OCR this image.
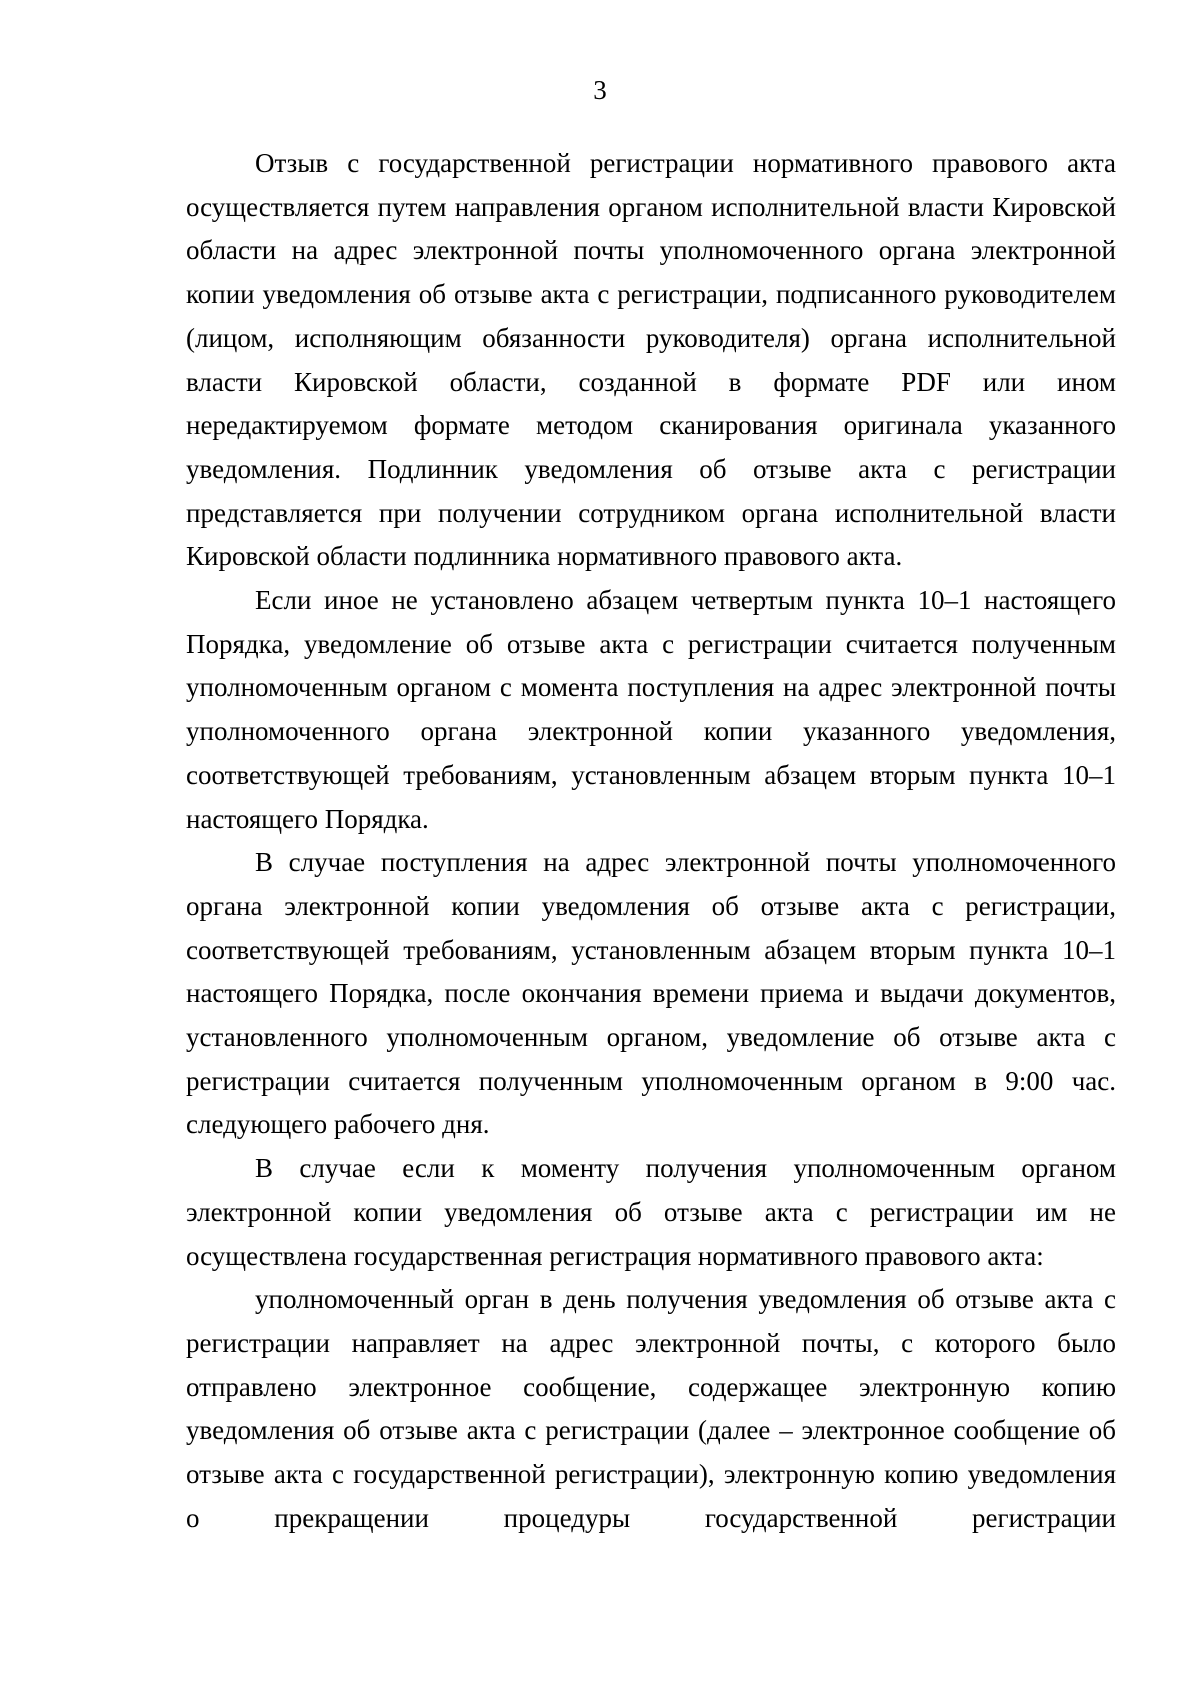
3

Отзыв с государственной регистрации нормативного правового акта осуществляется путем направления органом исполнительной власти Кировской области на адрес электронной почты уполномоченного органа электронной копии уведомления об отзыве акта с регистрации, подписанного руководителем (лицом, исполняющим обязанности руководителя) органа исполнительной власти Кировской области, созданной в формате PDF или ином нередактируемом формате методом сканирования оригинала указанного уведомления. Подлинник уведомления об отзыве акта с регистрации представляется при получении сотрудником органа исполнительной власти Кировской области подлинника нормативного правового акта.

Если иное не установлено абзацем четвертым пункта 10–1 настоящего Порядка, уведомление об отзыве акта с регистрации считается полученным уполномоченным органом с момента поступления на адрес электронной почты уполномоченного органа электронной копии указанного уведомления, соответствующей требованиям, установленным абзацем вторым пункта 10–1 настоящего Порядка.

В случае поступления на адрес электронной почты уполномоченного органа электронной копии уведомления об отзыве акта с регистрации, соответствующей требованиям, установленным абзацем вторым пункта 10–1 настоящего Порядка, после окончания времени приема и выдачи документов, установленного уполномоченным органом, уведомление об отзыве акта с регистрации считается полученным уполномоченным органом в 9:00 час. следующего рабочего дня.

В случае если к моменту получения уполномоченным органом электронной копии уведомления об отзыве акта с регистрации им не осуществлена государственная регистрация нормативного правового акта:

уполномоченный орган в день получения уведомления об отзыве акта с регистрации направляет на адрес электронной почты, с которого было отправлено электронное сообщение, содержащее электронную копию уведомления об отзыве акта с регистрации (далее – электронное сообщение об отзыве акта с государственной регистрации), электронную копию уведомления о прекращении процедуры государственной регистрации
